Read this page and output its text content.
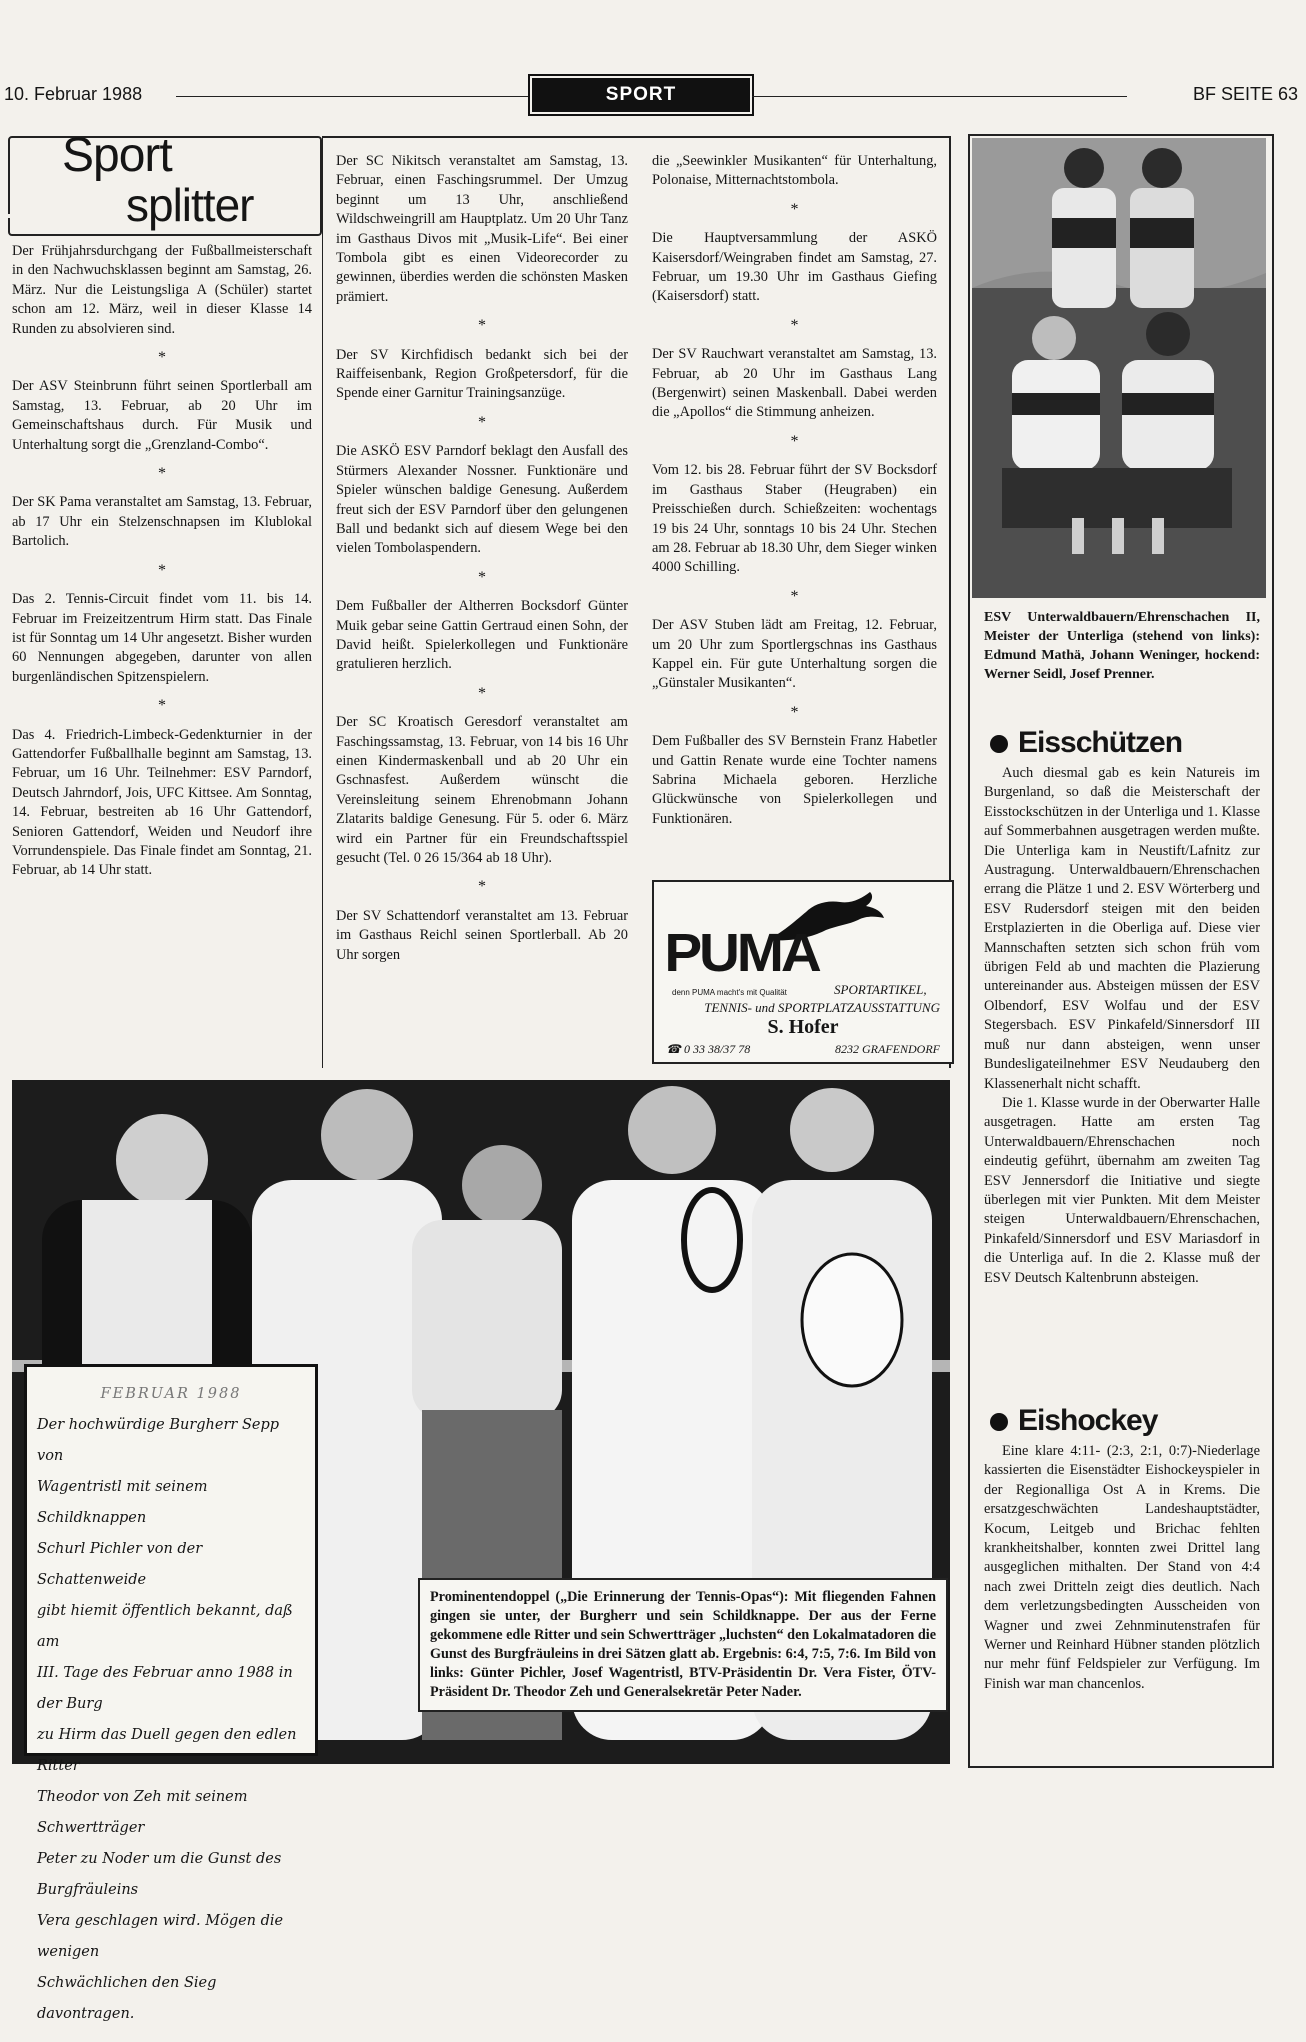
10. Februar 1988	SPORT	BF SEITE 63
Sport
splitter

Der Frühjahrsdurchgang der Fußballmeisterschaft in den Nachwuchsklassen beginnt am Samstag, 26. März. Nur die Leistungsliga A (Schüler) startet schon am 12. März, weil in dieser Klasse 14 Runden zu absolvieren sind.

*

Der ASV Steinbrunn führt seinen Sportlerball am Samstag, 13. Februar, ab 20 Uhr im Gemeinschaftshaus durch. Für Musik und Unterhaltung sorgt die „Grenzland-Combo“.

*

Der SK Pama veranstaltet am Samstag, 13. Februar, ab 17 Uhr ein Stelzenschnapsen im Klublokal Bartolich.

*

Das 2. Tennis-Circuit findet vom 11. bis 14. Februar im Freizeitzentrum Hirm statt. Das Finale ist für Sonntag um 14 Uhr angesetzt. Bisher wurden 60 Nennungen abgegeben, darunter von allen burgenländischen Spitzenspielern.

*

Das 4. Friedrich-Limbeck-Gedenkturnier in der Gattendorfer Fußballhalle beginnt am Samstag, 13. Februar, um 16 Uhr. Teilnehmer: ESV Parndorf, Deutsch Jahrndorf, Jois, UFC Kittsee. Am Sonntag, 14. Februar, bestreiten ab 16 Uhr Gattendorf, Senioren Gattendorf, Weiden und Neudorf ihre Vorrundenspiele. Das Finale findet am Sonntag, 21. Februar, ab 14 Uhr statt.

Der SC Nikitsch veranstaltet am Samstag, 13. Februar, einen Faschingsrummel. Der Umzug beginnt um 13 Uhr, anschließend Wildschweingrill am Hauptplatz. Um 20 Uhr Tanz im Gasthaus Divos mit „Musik-Life“. Bei einer Tombola gibt es einen Videorecorder zu gewinnen, überdies werden die schönsten Masken prämiert.

*

Der SV Kirchfidisch bedankt sich bei der Raiffeisenbank, Region Großpetersdorf, für die Spende einer Garnitur Trainingsanzüge.

*

Die ASKÖ ESV Parndorf beklagt den Ausfall des Stürmers Alexander Nossner. Funktionäre und Spieler wünschen baldige Genesung. Außerdem freut sich der ESV Parndorf über den gelungenen Ball und bedankt sich auf diesem Wege bei den vielen Tombolaspendern.

*

Dem Fußballer der Altherren Bocksdorf Günter Muik gebar seine Gattin Gertraud einen Sohn, der David heißt. Spielerkollegen und Funktionäre gratulieren herzlich.

*

Der SC Kroatisch Geresdorf veranstaltet am Faschingssamstag, 13. Februar, von 14 bis 16 Uhr einen Kindermaskenball und ab 20 Uhr ein Gschnasfest. Außerdem wünscht die Vereinsleitung seinem Ehrenobmann Johann Zlatarits baldige Genesung. Für 5. oder 6. März wird ein Partner für ein Freundschaftsspiel gesucht (Tel. 0 26 15/364 ab 18 Uhr).

*

Der SV Schattendorf veranstaltet am 13. Februar im Gasthaus Reichl seinen Sportlerball. Ab 20 Uhr sorgen

die „Seewinkler Musikanten“ für Unterhaltung, Polonaise, Mitternachtstombola.

*

Die Hauptversammlung der ASKÖ Kaisersdorf/Weingraben findet am Samstag, 27. Februar, um 19.30 Uhr im Gasthaus Giefing (Kaisersdorf) statt.

*

Der SV Rauchwart veranstaltet am Samstag, 13. Februar, ab 20 Uhr im Gasthaus Lang (Bergenwirt) seinen Maskenball. Dabei werden die „Apollos“ die Stimmung anheizen.

*

Vom 12. bis 28. Februar führt der SV Bocksdorf im Gasthaus Staber (Heugraben) ein Preisschießen durch. Schießzeiten: wochentags 19 bis 24 Uhr, sonntags 10 bis 24 Uhr. Stechen am 28. Februar ab 18.30 Uhr, dem Sieger winken 4000 Schilling.

*

Der ASV Stuben lädt am Freitag, 12. Februar, um 20 Uhr zum Sportlergschnas ins Gasthaus Kappel ein. Für gute Unterhaltung sorgen die „Günstaler Musikanten“.

*

Dem Fußballer des SV Bernstein Franz Habetler und Gattin Renate wurde eine Tochter namens Sabrina Michaela geboren. Herzliche Glückwünsche von Spielerkollegen und Funktionären.

PUMA
denn PUMA macht's mit Qualität	SPORTARTIKEL,
TENNIS- und SPORTPLATZAUSSTATTUNG
S. Hofer
☎ 0 33 38/37 78	8232 GRAFENDORF
ESV Unterwaldbauern/Ehrenschachen II, Meister der Unterliga (stehend von links): Edmund Mathä, Johann Weninger, hockend: Werner Seidl, Josef Prenner.
Eisschützen

Auch diesmal gab es kein Natureis im Burgenland, so daß die Meisterschaft der Eisstockschützen in der Unterliga und 1. Klasse auf Sommerbahnen ausgetragen werden mußte. Die Unterliga kam in Neustift/Lafnitz zur Austragung. Unterwaldbauern/Ehrenschachen errang die Plätze 1 und 2. ESV Wörterberg und ESV Rudersdorf steigen mit den beiden Erstplazierten in die Oberliga auf. Diese vier Mannschaften setzten sich schon früh vom übrigen Feld ab und machten die Plazierung untereinander aus. Absteigen müssen der ESV Olbendorf, ESV Wolfau und der ESV Stegersbach. ESV Pinkafeld/Sinnersdorf III muß nur dann absteigen, wenn unser Bundesligateilnehmer ESV Neudauberg den Klassenerhalt nicht schafft.

Die 1. Klasse wurde in der Oberwarter Halle ausgetragen. Hatte am ersten Tag Unterwaldbauern/Ehrenschachen noch eindeutig geführt, übernahm am zweiten Tag ESV Jennersdorf die Initiative und siegte überlegen mit vier Punkten. Mit dem Meister steigen Unterwaldbauern/Ehrenschachen, Pinkafeld/Sinnersdorf und ESV Mariasdorf in die Unterliga auf. In die 2. Klasse muß der ESV Deutsch Kaltenbrunn absteigen.

Eishockey

Eine klare 4:11- (2:3, 2:1, 0:7)-Niederlage kassierten die Eisenstädter Eishockeyspieler in der Regionalliga Ost A in Krems. Die ersatzgeschwächten Landeshauptstädter, Kocum, Leitgeb und Brichac fehlten krankheitshalber, konnten zwei Drittel lang ausgeglichen mithalten. Der Stand von 4:4 nach zwei Dritteln zeigt dies deutlich. Nach dem verletzungsbedingten Ausscheiden von Wagner und zwei Zehnminutenstrafen für Werner und Reinhard Hübner standen plötzlich nur mehr fünf Feldspieler zur Verfügung. Im Finish war man chancenlos.

FEBRUAR 1988
Der hochwürdige Burgherr Sepp von
Wagentristl mit seinem Schildknappen
Schurl Pichler von der Schattenweide
gibt hiemit öffentlich bekannt, daß am
III. Tage des Februar anno 1988 in der Burg
zu Hirm das Duell gegen den edlen Ritter
Theodor von Zeh mit seinem Schwertträger
Peter zu Noder um die Gunst des Burgfräuleins
Vera geschlagen wird. Mögen die wenigen
Schwächlichen den Sieg davontragen.
Prominentendoppel („Die Erinnerung der Tennis-Opas“): Mit fliegenden Fahnen gingen sie unter, der Burgherr und sein Schildknappe. Der aus der Ferne gekommene edle Ritter und sein Schwertträger „luchsten“ den Lokalmatadoren die Gunst des Burgfräuleins in drei Sätzen glatt ab. Ergebnis: 6:4, 7:5, 7:6. Im Bild von links: Günter Pichler, Josef Wagentristl, BTV-Präsidentin Dr. Vera Fister, ÖTV-Präsident Dr. Theodor Zeh und Generalsekretär Peter Nader.
